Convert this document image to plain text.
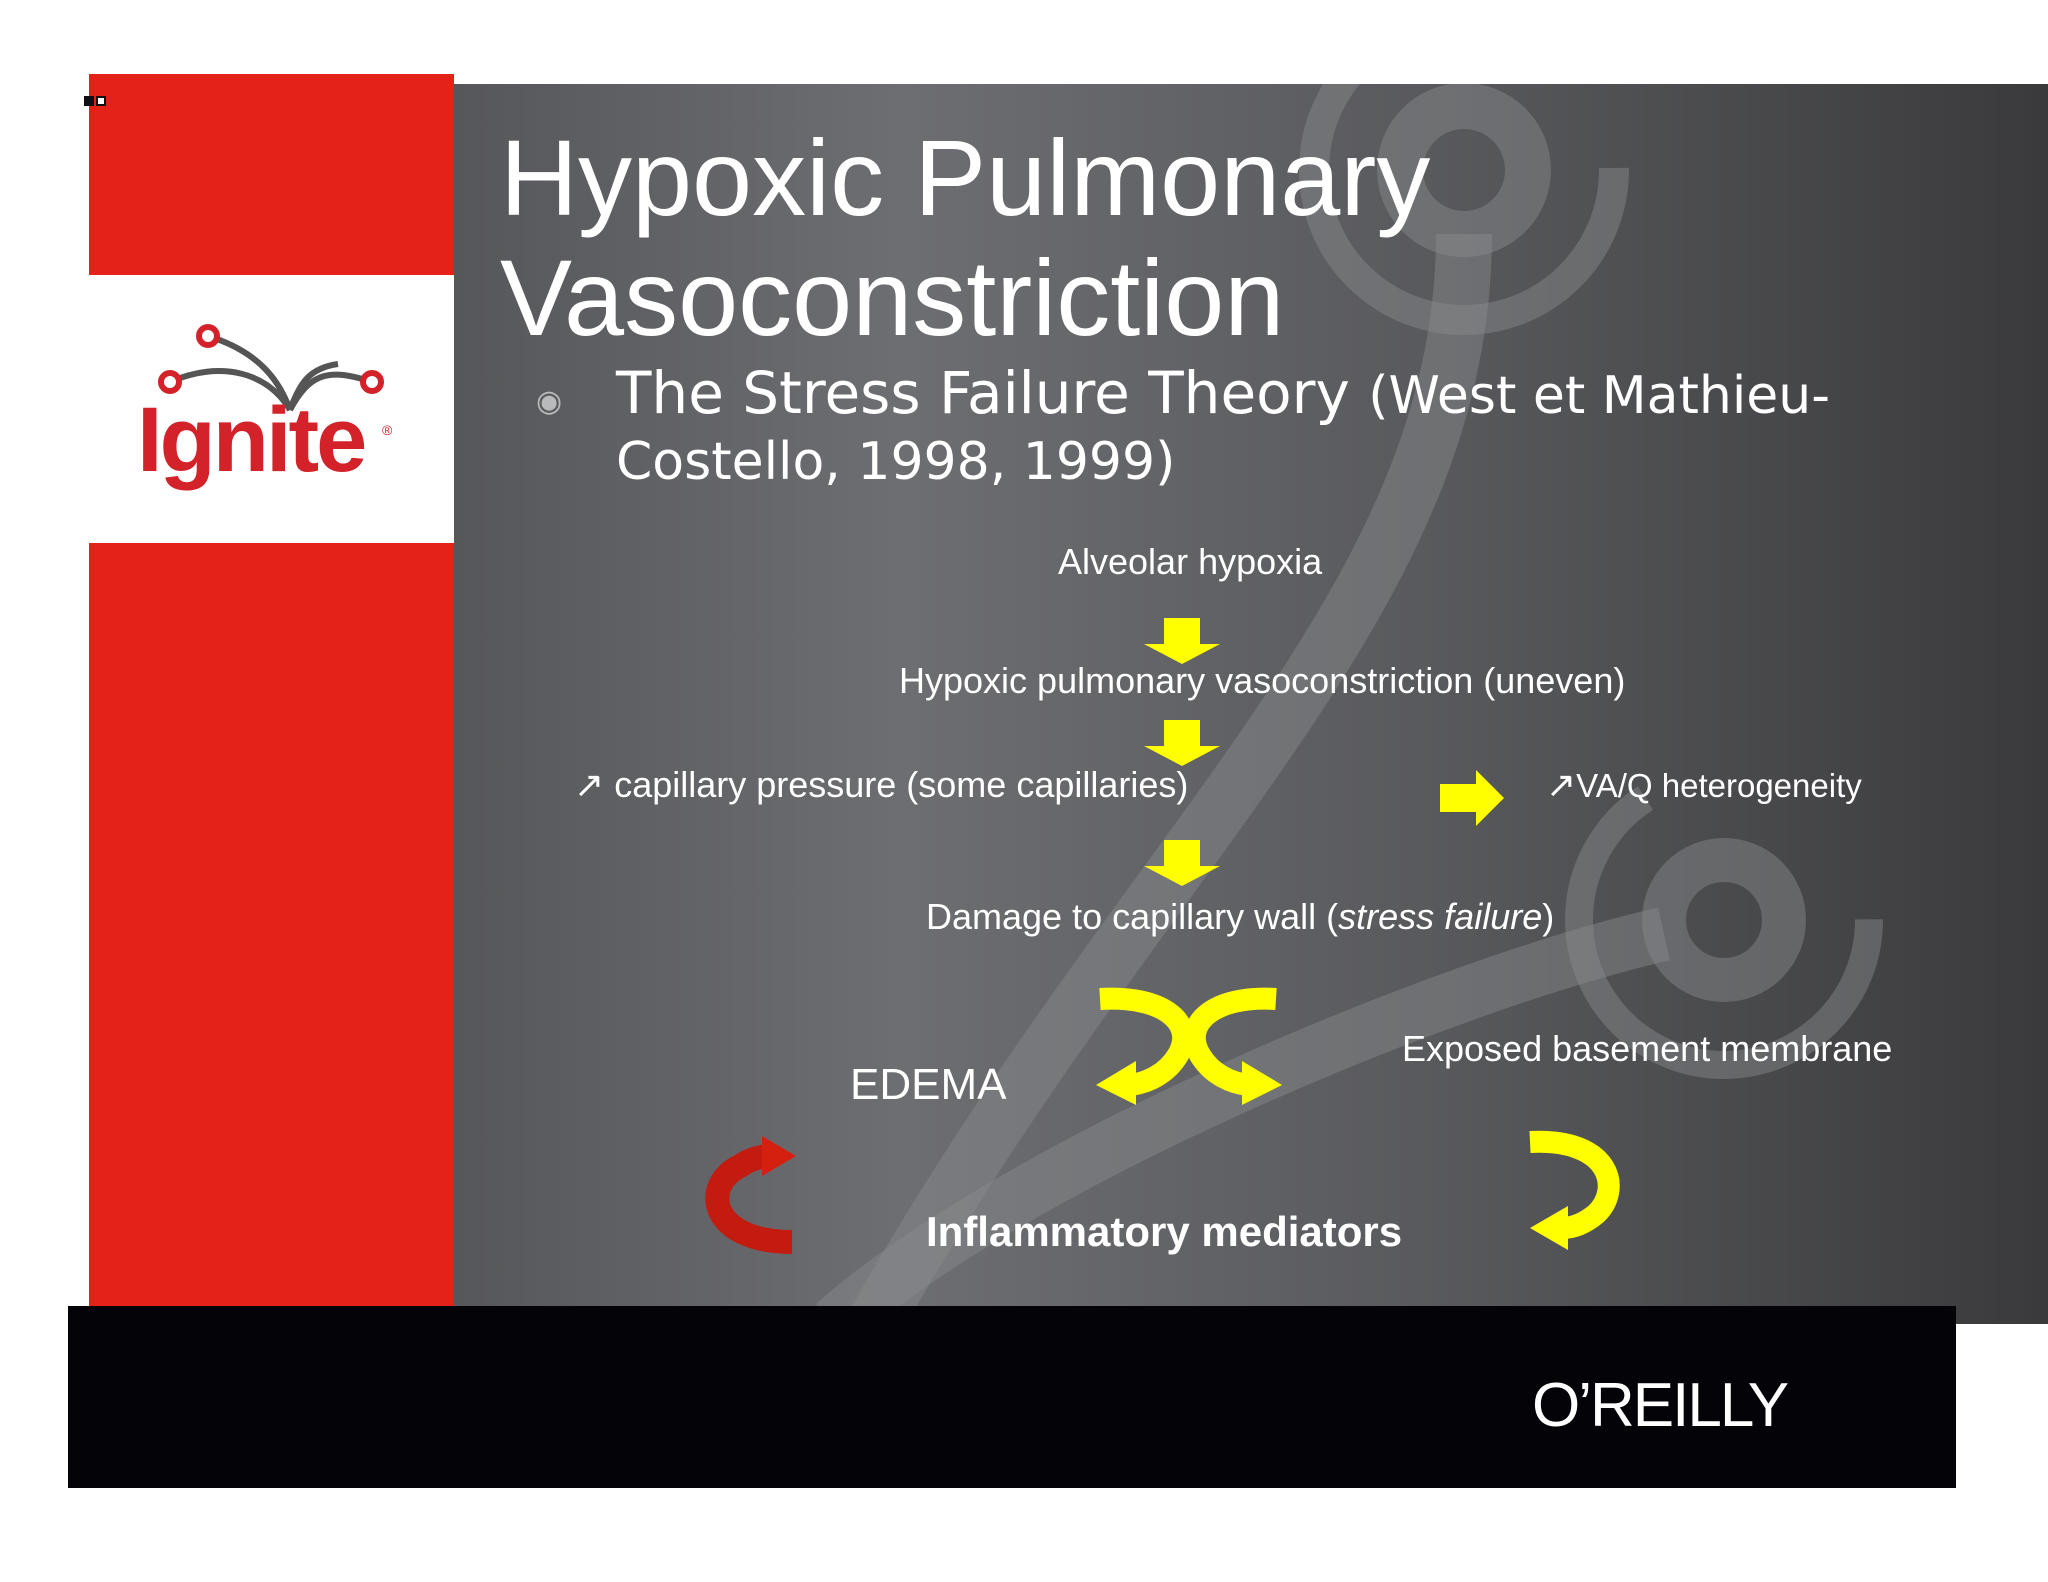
Ignite ®
Hypoxic Pulmonary
Vasoconstriction
◉ The Stress Failure Theory (West et Mathieu-
Costello, 1998, 1999)
Alveolar hypoxia
Hypoxic pulmonary vasoconstriction (uneven)
↗ capillary pressure (some capillaries)	↗VA/Q heterogeneity
Damage to capillary wall (stress failure)
EDEMA
Exposed basement membrane
Inflammatory mediators
O’REILLY
